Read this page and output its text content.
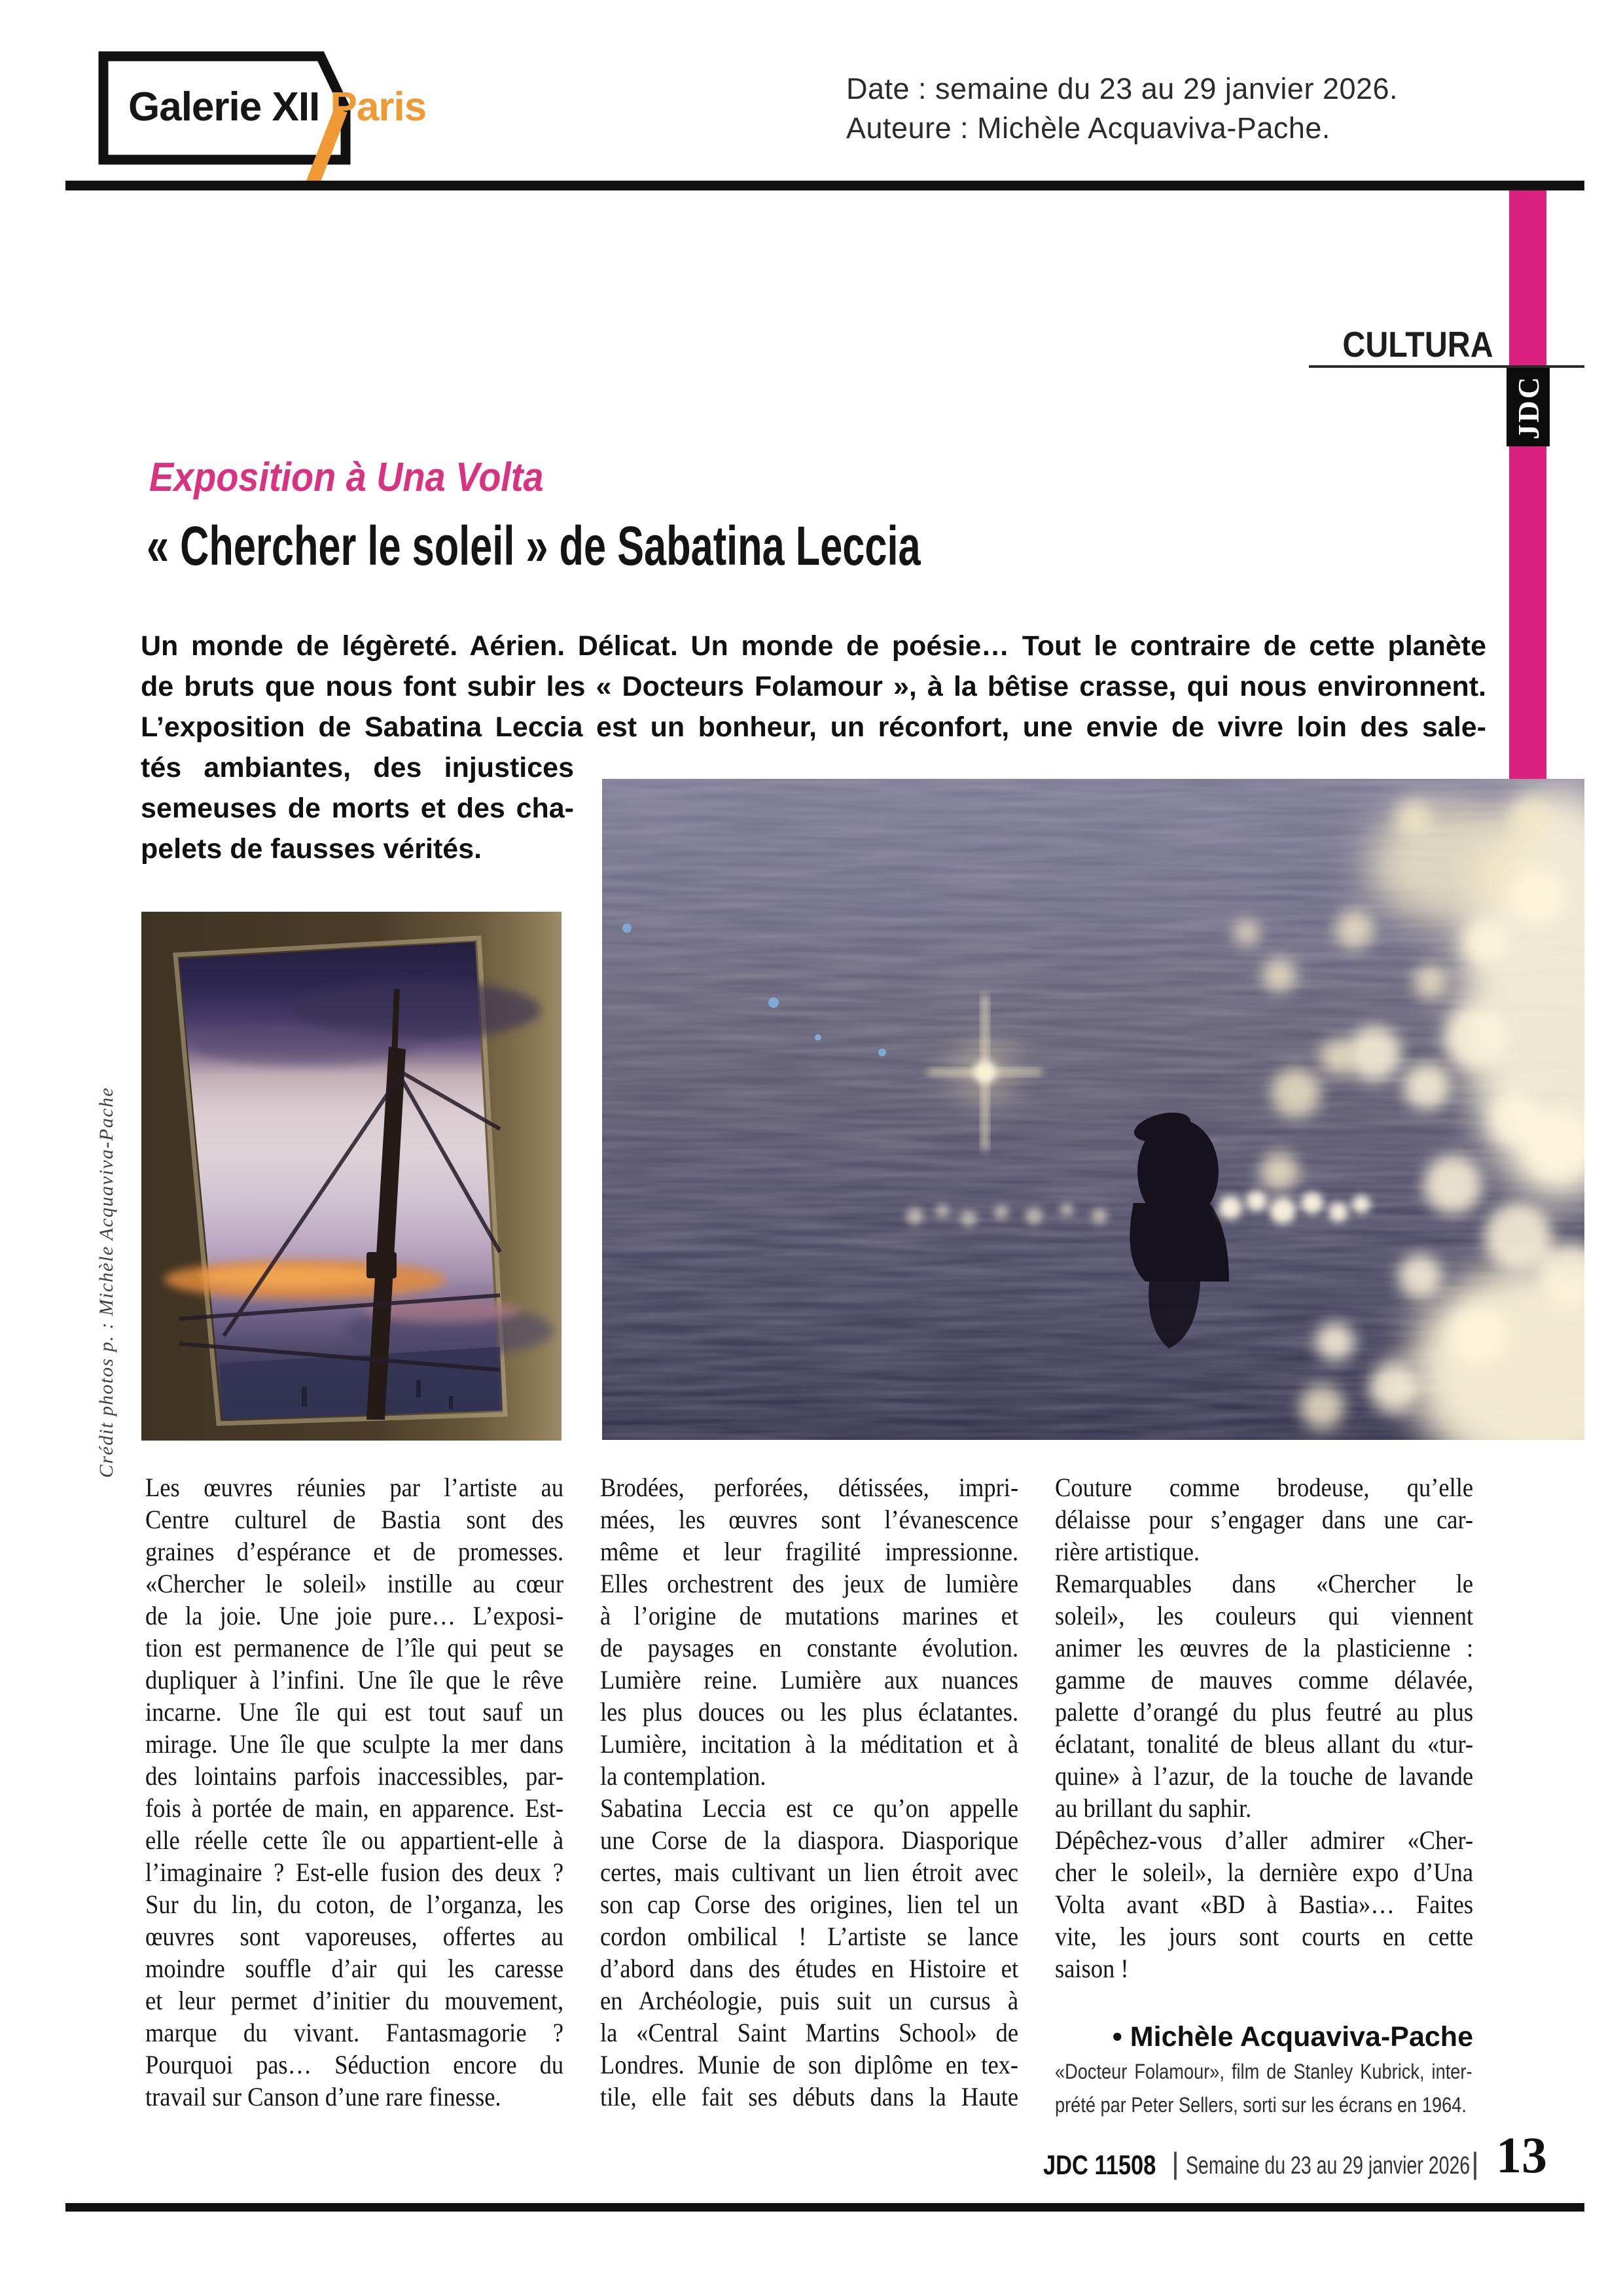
Galerie XII Paris	Date : semaine du 23 au 29 janvier 2026.
Auteure : Michèle Acquaviva-Pache.
CULTURA
JDC
Exposition à Una Volta
« Chercher le soleil » de Sabatina Leccia
Un monde de légèreté. Aérien. Délicat. Un monde de poésie… Tout le contraire de cette planète
de bruts que nous font subir les « Docteurs Folamour », à la bêtise crasse, qui nous environnent.
L’exposition de Sabatina Leccia est un bonheur, un réconfort, une envie de vivre loin des sale-
tés ambiantes, des injustices
semeuses de morts et des cha-
pelets de fausses vérités.
Crédit photos p. : Michèle Acquaviva-Pache
Les œuvres réunies par l’artiste au
Centre culturel de Bastia sont des
graines d’espérance et de promesses.
«Chercher le soleil» instille au cœur
de la joie. Une joie pure… L’exposi-
tion est permanence de l’île qui peut se
dupliquer à l’infini. Une île que le rêve
incarne. Une île qui est tout sauf un
mirage. Une île que sculpte la mer dans
des lointains parfois inaccessibles, par-
fois à portée de main, en apparence. Est-
elle réelle cette île ou appartient-elle à
l’imaginaire ? Est-elle fusion des deux ?
Sur du lin, du coton, de l’organza, les
œuvres sont vaporeuses, offertes au
moindre souffle d’air qui les caresse
et leur permet d’initier du mouvement,
marque du vivant. Fantasmagorie ?
Pourquoi pas… Séduction encore du
travail sur Canson d’une rare finesse.
Brodées, perforées, détissées, impri-
mées, les œuvres sont l’évanescence
même et leur fragilité impressionne.
Elles orchestrent des jeux de lumière
à l’origine de mutations marines et
de paysages en constante évolution.
Lumière reine. Lumière aux nuances
les plus douces ou les plus éclatantes.
Lumière, incitation à la méditation et à
la contemplation.
Sabatina Leccia est ce qu’on appelle
une Corse de la diaspora. Diasporique
certes, mais cultivant un lien étroit avec
son cap Corse des origines, lien tel un
cordon ombilical ! L’artiste se lance
d’abord dans des études en Histoire et
en Archéologie, puis suit un cursus à
la «Central Saint Martins School» de
Londres. Munie de son diplôme en tex-
tile, elle fait ses débuts dans la Haute
Couture comme brodeuse, qu’elle
délaisse pour s’engager dans une car-
rière artistique.
Remarquables dans «Chercher le
soleil», les couleurs qui viennent
animer les œuvres de la plasticienne :
gamme de mauves comme délavée,
palette d’orangé du plus feutré au plus
éclatant, tonalité de bleus allant du «tur-
quine» à l’azur, de la touche de lavande
au brillant du saphir.
Dépêchez-vous d’aller admirer «Cher-
cher le soleil», la dernière expo d’Una
Volta avant «BD à Bastia»… Faites
vite, les jours sont courts en cette
saison !
• Michèle Acquaviva-Pache
«Docteur Folamour», film de Stanley Kubrick, inter-
prété par Peter Sellers, sorti sur les écrans en 1964.
JDC 11508 | Semaine du 23 au 29 janvier 2026 | 13
